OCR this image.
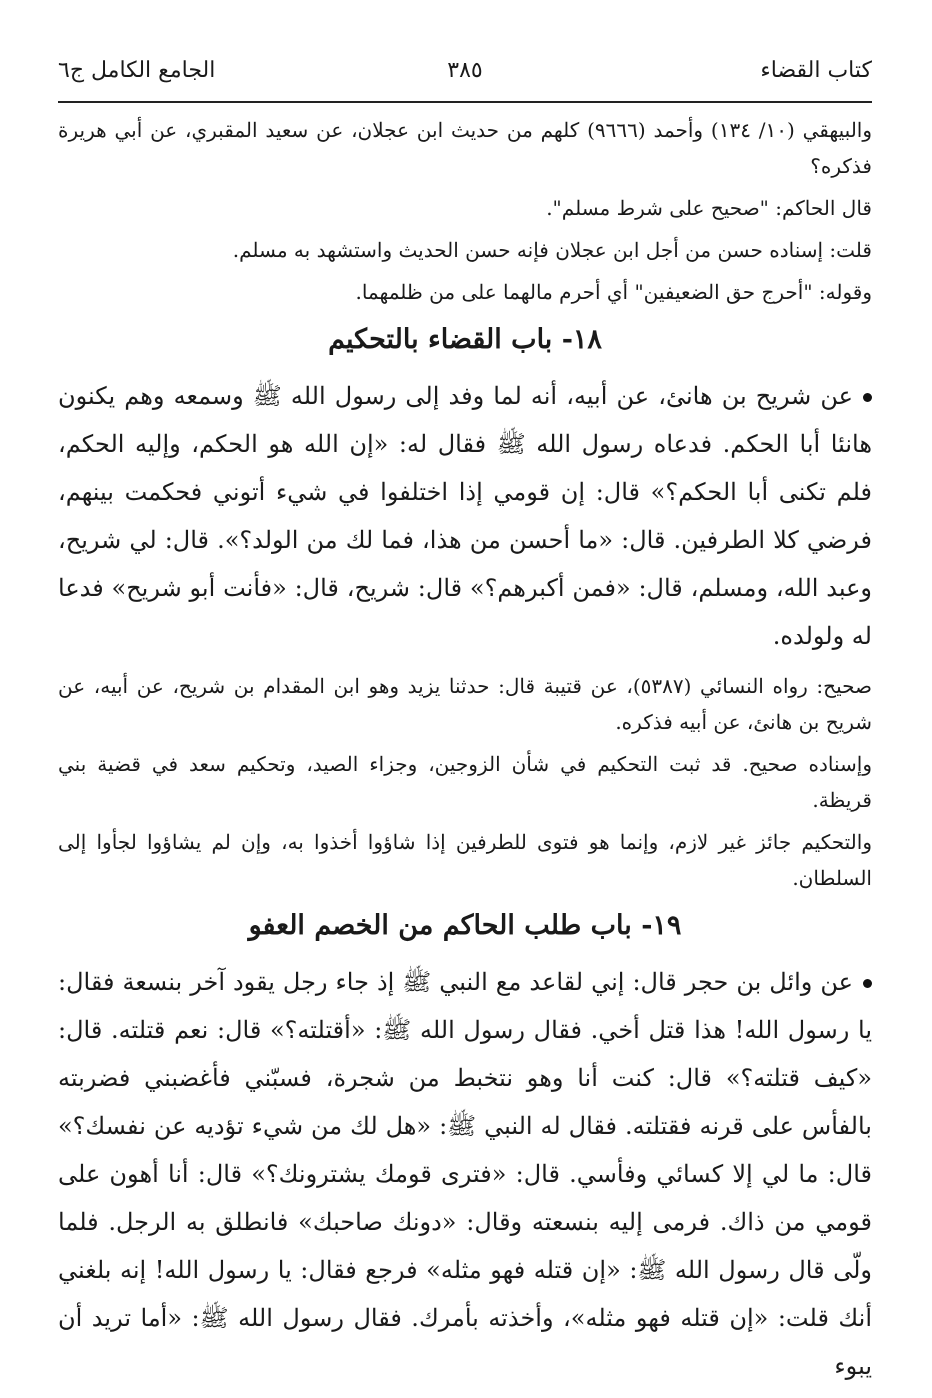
كتاب القضاء
٣٨٥
الجامع الكامل ج٦

والبيهقي (١٠/ ١٣٤) وأحمد (٩٦٦٦) كلهم من حديث ابن عجلان، عن سعيد المقبري، عن أبي هريرة فذكره؟

قال الحاكم: "صحيح على شرط مسلم".

قلت: إسناده حسن من أجل ابن عجلان فإنه حسن الحديث واستشهد به مسلم.

وقوله: "أحرج حق الضعيفين" أي أحرم مالهما على من ظلمهما.

١٨- باب القضاء بالتحكيم

عن شريح بن هانئ، عن أبيه، أنه لما وفد إلى رسول الله ﷺ وسمعه وهم يكنون هانئا أبا الحكم. فدعاه رسول الله ﷺ فقال له: «إن الله هو الحكم، وإليه الحكم، فلم تكنى أبا الحكم؟» قال: إن قومي إذا اختلفوا في شيء أتوني فحكمت بينهم، فرضي كلا الطرفين. قال: «ما أحسن من هذا، فما لك من الولد؟». قال: لي شريح، وعبد الله، ومسلم، قال: «فمن أكبرهم؟» قال: شريح، قال: «فأنت أبو شريح» فدعا له ولولده.

صحيح: رواه النسائي (٥٣٨٧)، عن قتيبة قال: حدثنا يزيد وهو ابن المقدام بن شريح، عن أبيه، عن شريح بن هانئ، عن أبيه فذكره.

وإسناده صحيح. قد ثبت التحكيم في شأن الزوجين، وجزاء الصيد، وتحكيم سعد في قضية بني قريظة.

والتحكيم جائز غير لازم، وإنما هو فتوى للطرفين إذا شاؤوا أخذوا به، وإن لم يشاؤوا لجأوا إلى السلطان.

١٩- باب طلب الحاكم من الخصم العفو

عن وائل بن حجر قال: إني لقاعد مع النبي ﷺ إذ جاء رجل يقود آخر بنسعة فقال: يا رسول الله! هذا قتل أخي. فقال رسول الله ﷺ: «أقتلته؟» قال: نعم قتلته. قال: «كيف قتلته؟» قال: كنت أنا وهو نتخبط من شجرة، فسبّني فأغضبني فضربته بالفأس على قرنه فقتلته. فقال له النبي ﷺ: «هل لك من شيء تؤديه عن نفسك؟» قال: ما لي إلا كسائي وفأسي. قال: «فترى قومك يشترونك؟» قال: أنا أهون على قومي من ذاك. فرمى إليه بنسعته وقال: «دونك صاحبك» فانطلق به الرجل. فلما ولّى قال رسول الله ﷺ: «إن قتله فهو مثله» فرجع فقال: يا رسول الله! إنه بلغني أنك قلت: «إن قتله فهو مثله»، وأخذته بأمرك. فقال رسول الله ﷺ: «أما تريد أن يبوء
